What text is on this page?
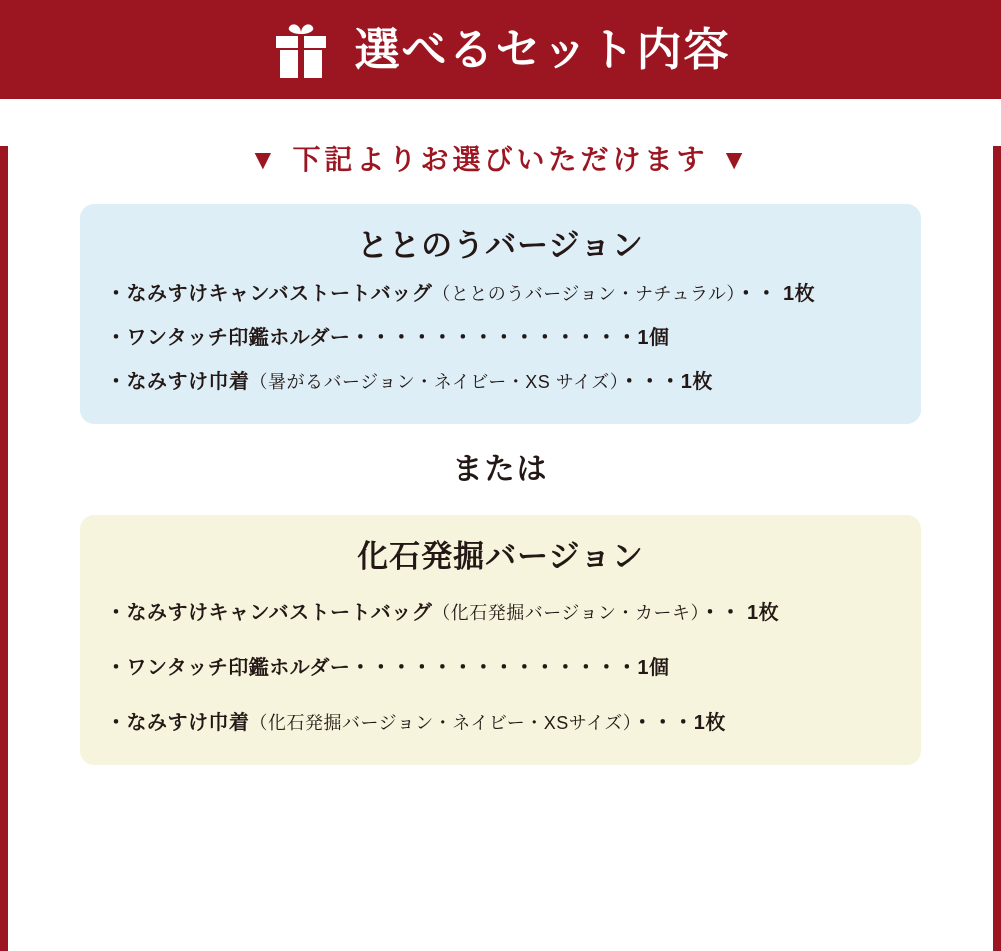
選べるセット内容
▼ 下記よりお選びいただけます ▼
ととのうバージョン
・なみすけキャンバストートバッグ（ととのうバージョン・ナチュラル）・・ 1枚
・ワンタッチ印鑑ホルダー・・・・・・・・・・・・・・1個
・なみすけ巾着（暑がるバージョン・ネイビー・XS サイズ）・・・1枚
または
化石発掘バージョン
・なみすけキャンバストートバッグ（化石発掘バージョン・カーキ）・・ 1枚
・ワンタッチ印鑑ホルダー・・・・・・・・・・・・・・1個
・なみすけ巾着（化石発掘バージョン・ネイビー・XSサイズ）・・・1枚
